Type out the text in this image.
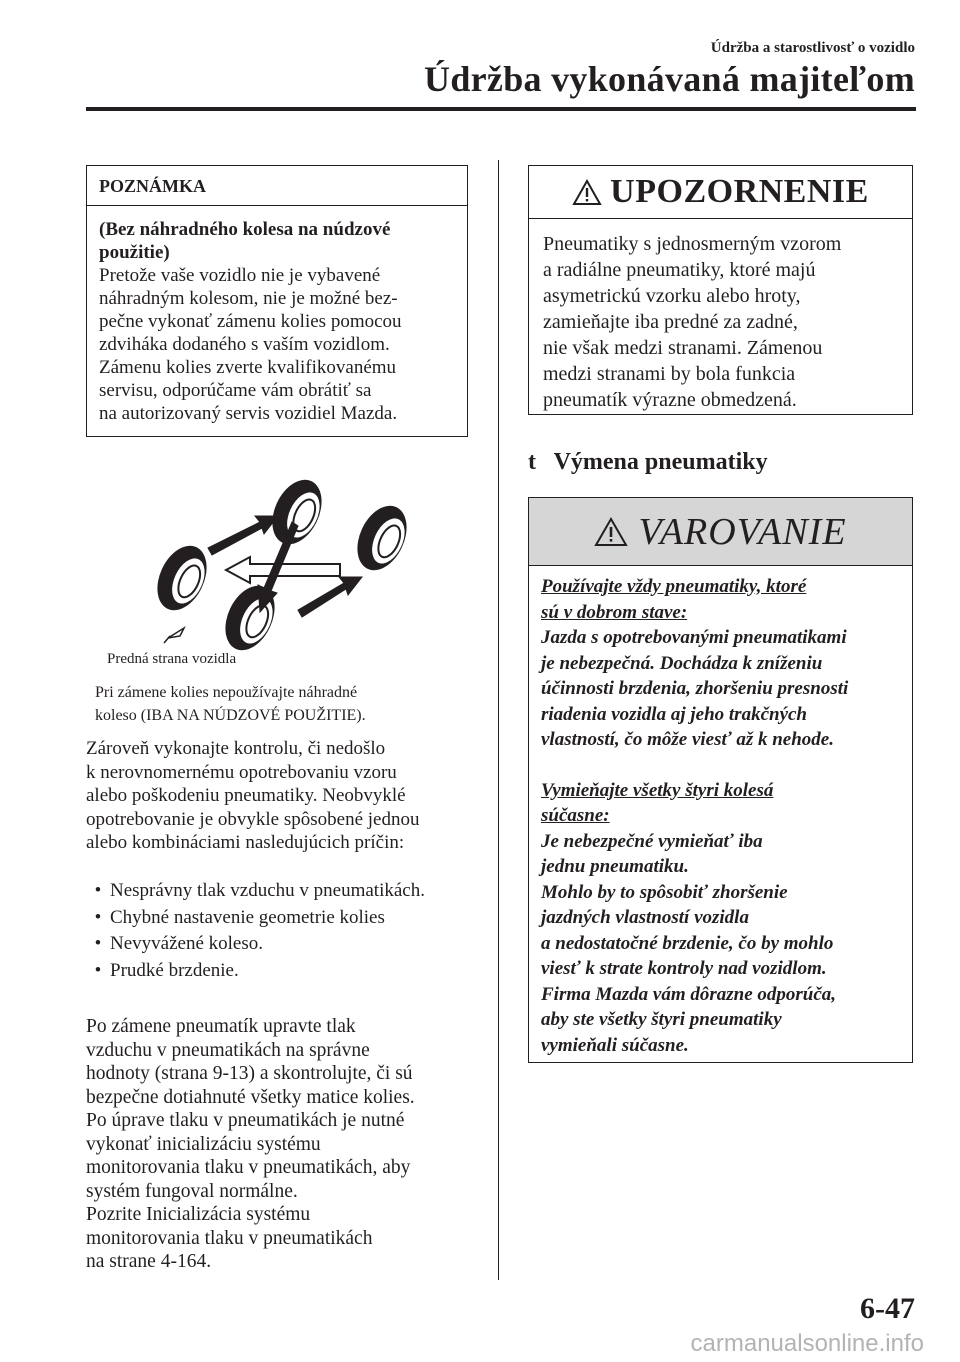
Údržba a starostlivosť o vozidlo
Údržba vykonávaná majiteľom
POZNÁMKA
(Bez náhradného kolesa na núdzové
použitie)
Pretože vaše vozidlo nie je vybavené
náhradným kolesom, nie je možné bez-
pečne vykonať zámenu kolies pomocou
zdviháka dodaného s vaším vozidlom.
Zámenu kolies zverte kvalifikovanému
servisu, odporúčame vám obrátiť sa
na autorizovaný servis vozidiel Mazda.
Predná strana vozidla
Pri zámene kolies nepoužívajte náhradné
koleso (IBA NA NÚDZOVÉ POUŽITIE).
Zároveň vykonajte kontrolu, či nedošlo
k nerovnomernému opotrebovaniu vzoru
alebo poškodeniu pneumatiky. Neobvyklé
opotrebovanie je obvykle spôsobené jednou
alebo kombináciami nasledujúcich príčin:
• Nesprávny tlak vzduchu v pneumatikách.
• Chybné nastavenie geometrie kolies
• Nevyvážené koleso.
• Prudké brzdenie.
Po zámene pneumatík upravte tlak
vzduchu v pneumatikách na správne
hodnoty (strana 9-13) a skontrolujte, či sú
bezpečne dotiahnuté všetky matice kolies.
Po úprave tlaku v pneumatikách je nutné
vykonať inicializáciu systému
monitorovania tlaku v pneumatikách, aby
systém fungoval normálne.
Pozrite Inicializácia systému
monitorovania tlaku v pneumatikách
na strane 4-164.
UPOZORNENIE
Pneumatiky s jednosmerným vzorom
a radiálne pneumatiky, ktoré majú
asymetrickú vzorku alebo hroty,
zamieňajte iba predné za zadné,
nie však medzi stranami. Zámenou
medzi stranami by bola funkcia
pneumatík výrazne obmedzená.
t Výmena pneumatiky
VAROVANIE
Používajte vždy pneumatiky, ktoré
sú v dobrom stave:
Jazda s opotrebovanými pneumatikami
je nebezpečná. Dochádza k zníženiu
účinnosti brzdenia, zhoršeniu presnosti
riadenia vozidla aj jeho trakčných
vlastností, čo môže viesť až k nehode.
Vymieňajte všetky štyri kolesá
súčasne:
Je nebezpečné vymieňať iba
jednu pneumatiku.
Mohlo by to spôsobiť zhoršenie
jazdných vlastností vozidla
a nedostatočné brzdenie, čo by mohlo
viesť k strate kontroly nad vozidlom.
Firma Mazda vám dôrazne odporúča,
aby ste všetky štyri pneumatiky
vymieňali súčasne.
6-47
carmanualsonline.info
